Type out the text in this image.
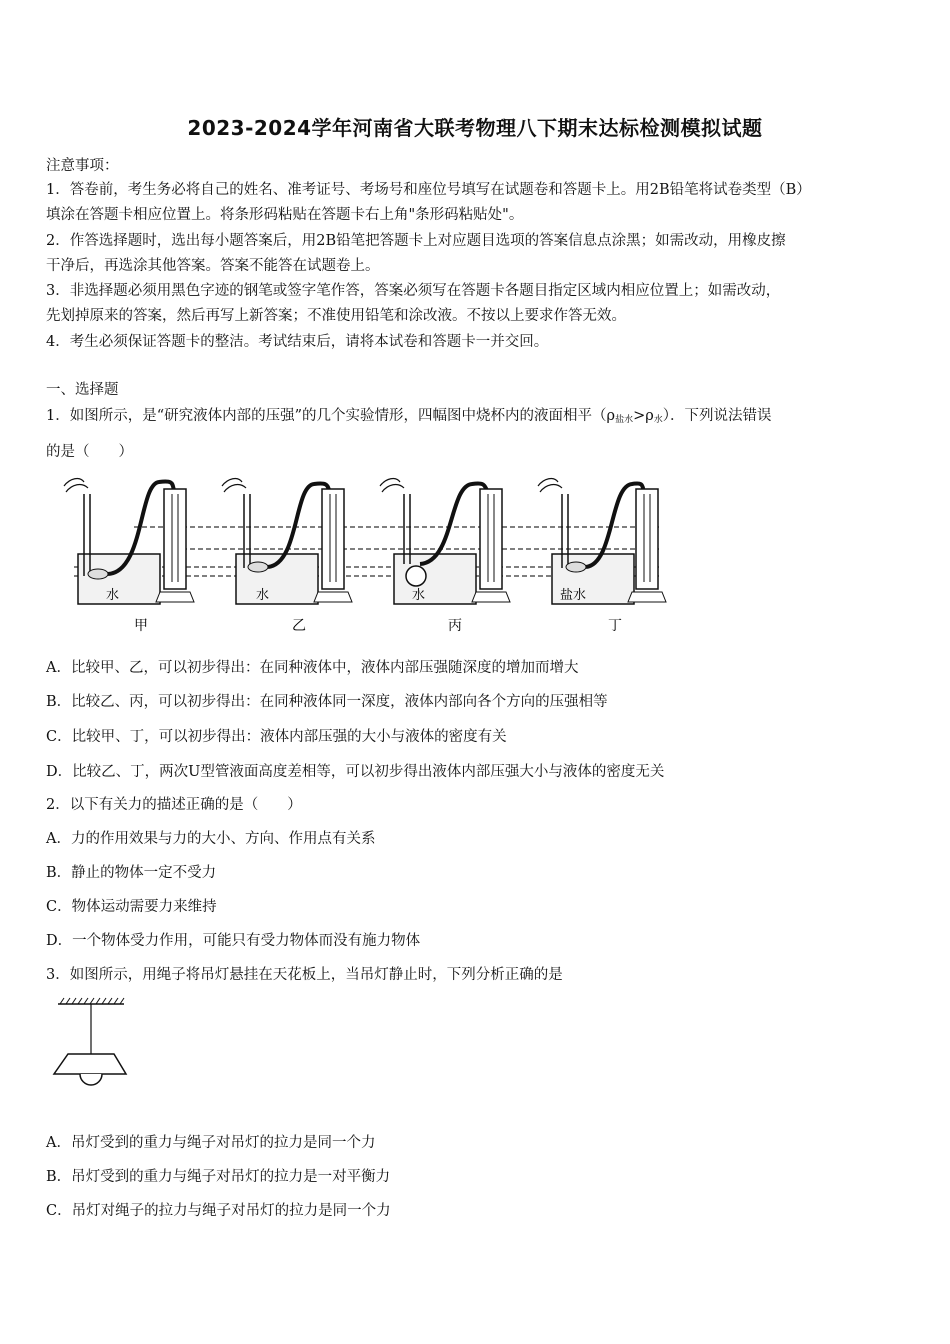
2023-2024学年河南省大联考物理八下期末达标检测模拟试题
注意事项：
1．答卷前，考生务必将自己的姓名、准考证号、考场号和座位号填写在试题卷和答题卡上。用2B铅笔将试卷类型（B）
填涂在答题卡相应位置上。将条形码粘贴在答题卡右上角"条形码粘贴处"。
2．作答选择题时，选出每小题答案后，用2B铅笔把答题卡上对应题目选项的答案信息点涂黑；如需改动，用橡皮擦
干净后，再选涂其他答案。答案不能答在试题卷上。
3．非选择题必须用黑色字迹的钢笔或签字笔作答，答案必须写在答题卡各题目指定区域内相应位置上；如需改动，
先划掉原来的答案，然后再写上新答案；不准使用铅笔和涂改液。不按以上要求作答无效。
4．考生必须保证答题卡的整洁。考试结束后，请将本试卷和答题卡一并交回。
一、选择题
1．如图所示，是“研究液体内部的压强”的几个实验情形，四幅图中烧杯内的液面相平$(\rho_{盐水}>\rho_水)$．下列说法错误
的是（　　）
水
甲
水
乙
水
丙
盐水
丁
A．比较甲、乙，可以初步得出：在同种液体中，液体内部压强随深度的增加而增大
B．比较乙、丙，可以初步得出：在同种液体同一深度，液体内部向各个方向的压强相等
C．比较甲、丁，可以初步得出：液体内部压强的大小与液体的密度有关
D．比较乙、丁，两次U型管液面高度差相等，可以初步得出液体内部压强大小与液体的密度无关
2．以下有关力的描述正确的是（　　）
A．力的作用效果与力的大小、方向、作用点有关系
B．静止的物体一定不受力
C．物体运动需要力来维持
D．一个物体受力作用，可能只有受力物体而没有施力物体
3．如图所示，用绳子将吊灯悬挂在天花板上，当吊灯静止时，下列分析正确的是
A．吊灯受到的重力与绳子对吊灯的拉力是同一个力
B．吊灯受到的重力与绳子对吊灯的拉力是一对平衡力
C．吊灯对绳子的拉力与绳子对吊灯的拉力是同一个力
